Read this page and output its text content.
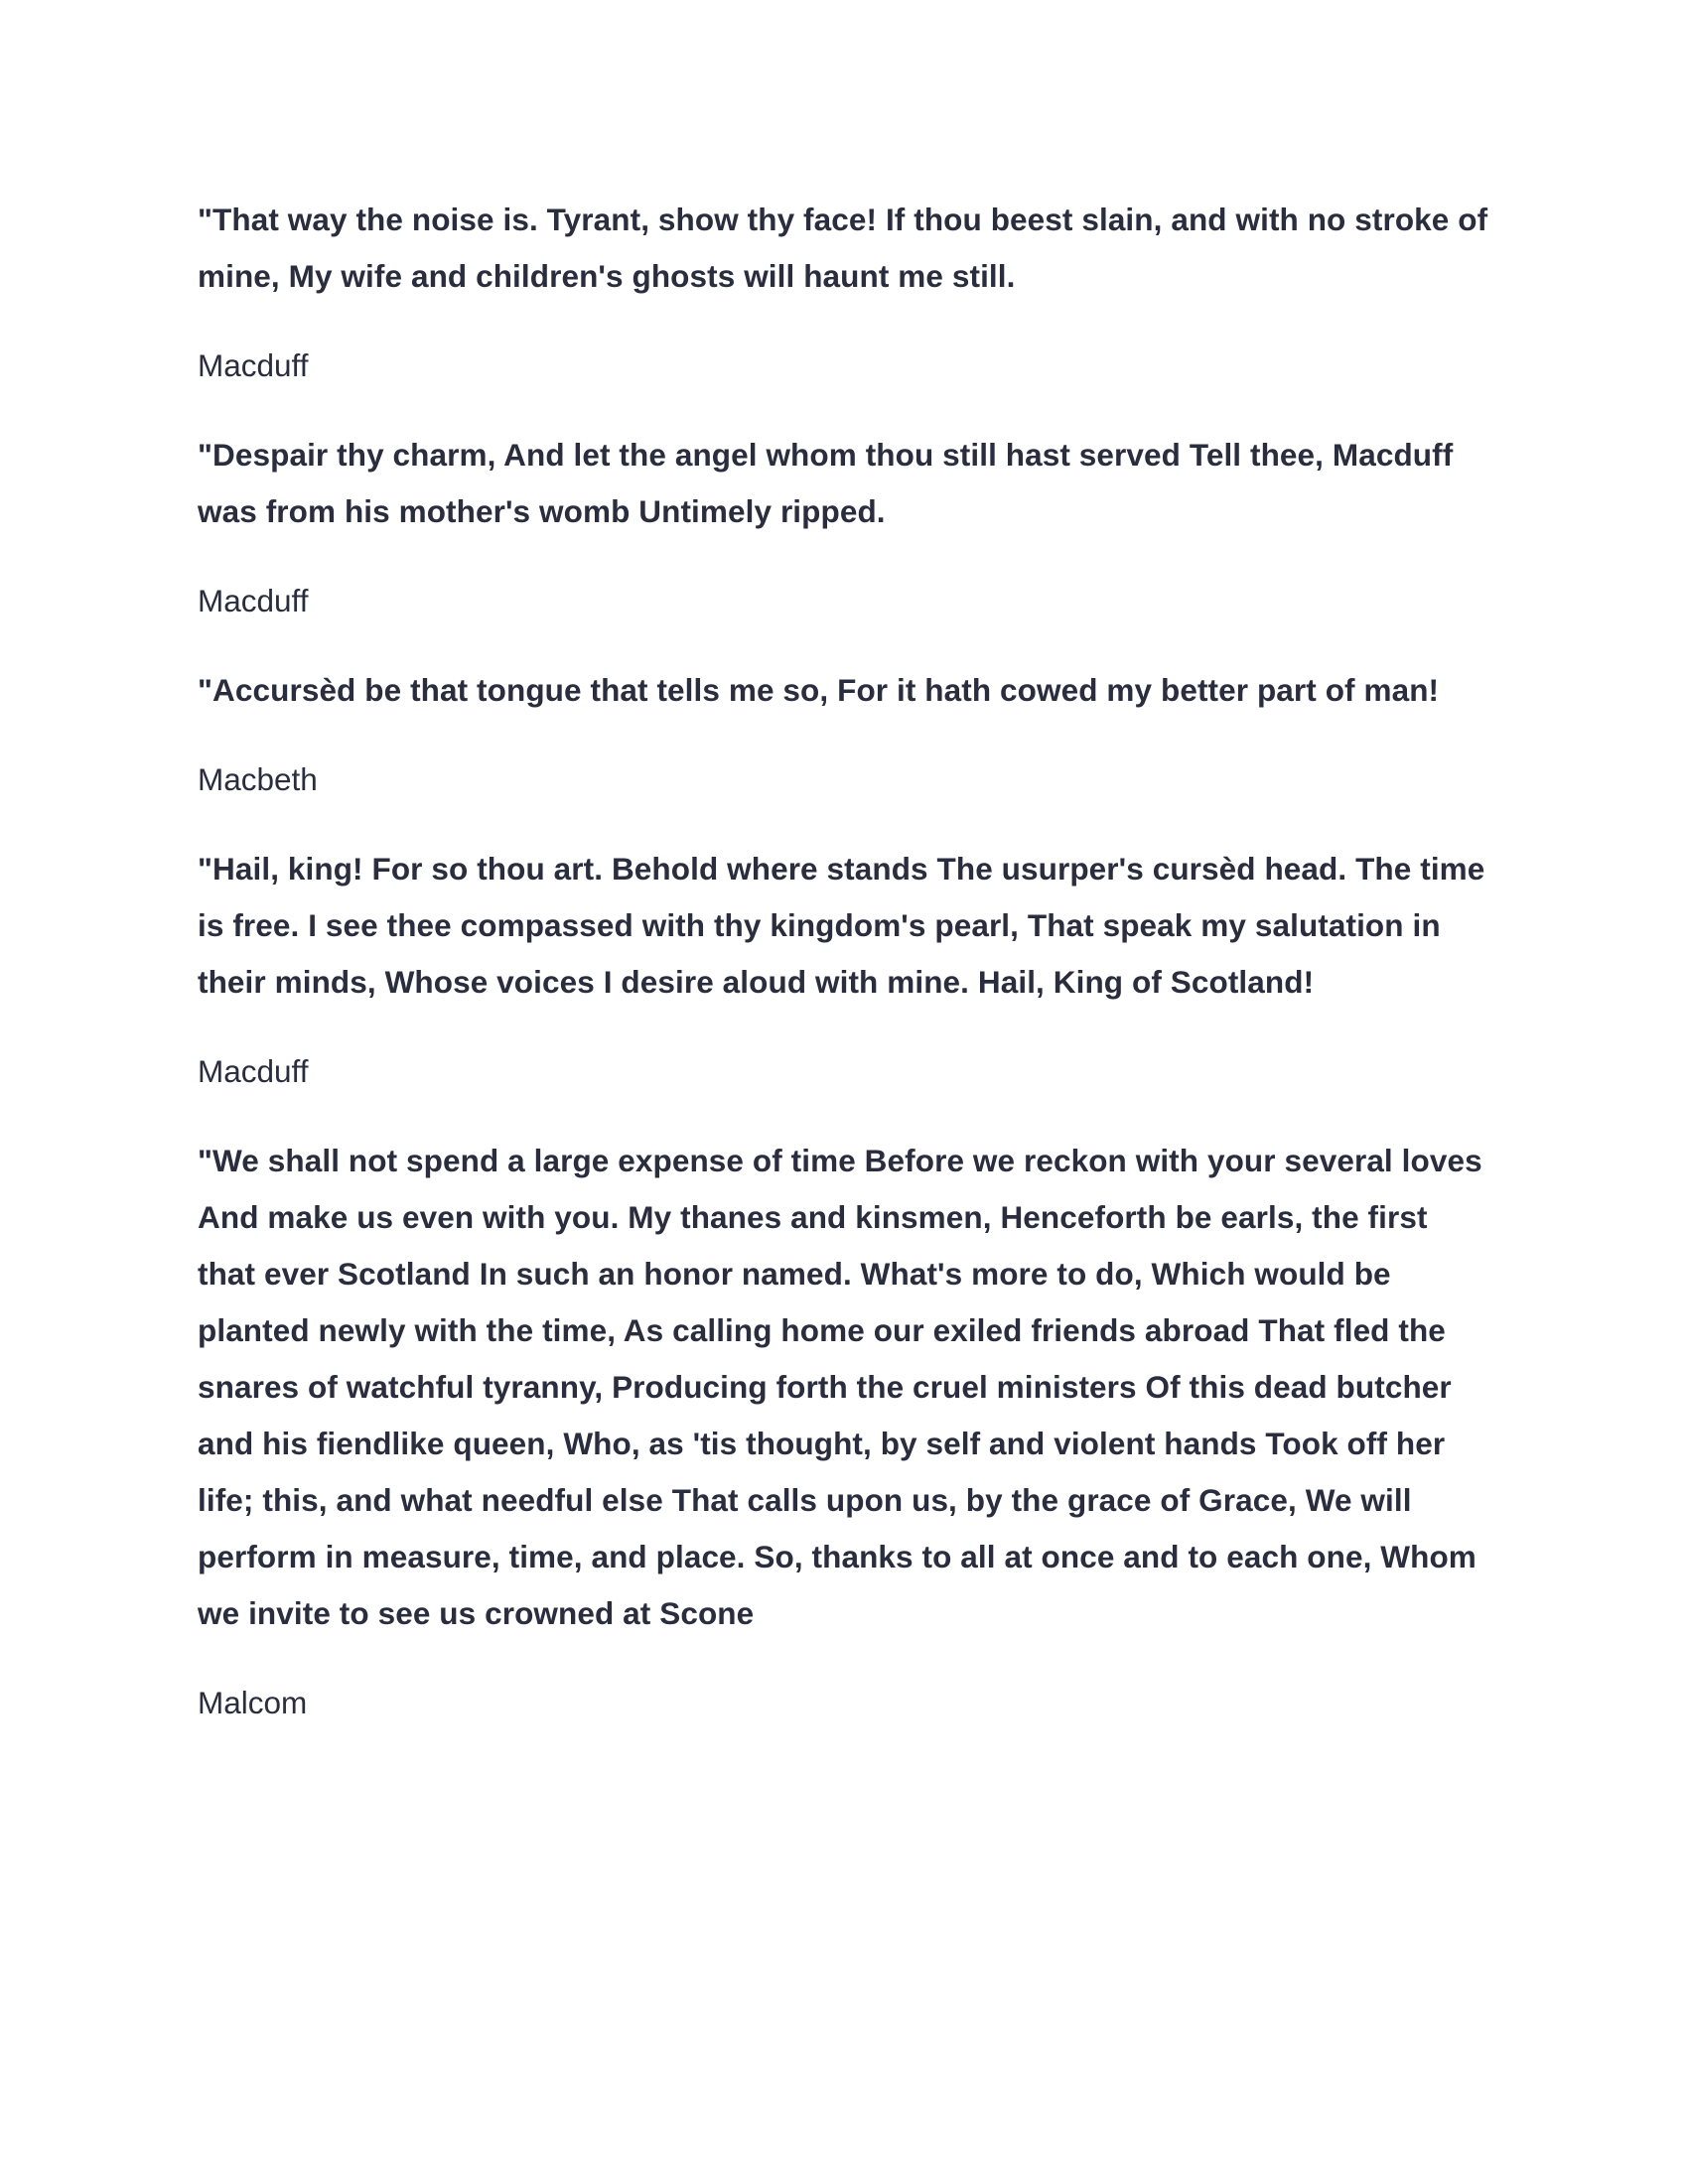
"That way the noise is. Tyrant, show thy face! If thou beest slain, and with no stroke of mine, My wife and children's ghosts will haunt me still.

Macduff

"Despair thy charm, And let the angel whom thou still hast served Tell thee, Macduff was from his mother's womb Untimely ripped.

Macduff

"Accursèd be that tongue that tells me so, For it hath cowed my better part of man!

Macbeth

"Hail, king! For so thou art. Behold where stands The usurper's cursèd head. The time is free. I see thee compassed with thy kingdom's pearl, That speak my salutation in their minds, Whose voices I desire aloud with mine. Hail, King of Scotland!

Macduff

"We shall not spend a large expense of time Before we reckon with your several loves And make us even with you. My thanes and kinsmen, Henceforth be earls, the first that ever Scotland In such an honor named. What's more to do, Which would be planted newly with the time, As calling home our exiled friends abroad That fled the snares of watchful tyranny, Producing forth the cruel ministers Of this dead butcher and his fiendlike queen, Who, as 'tis thought, by self and violent hands Took off her life; this, and what needful else That calls upon us, by the grace of Grace, We will perform in measure, time, and place. So, thanks to all at once and to each one, Whom we invite to see us crowned at Scone

Malcom
